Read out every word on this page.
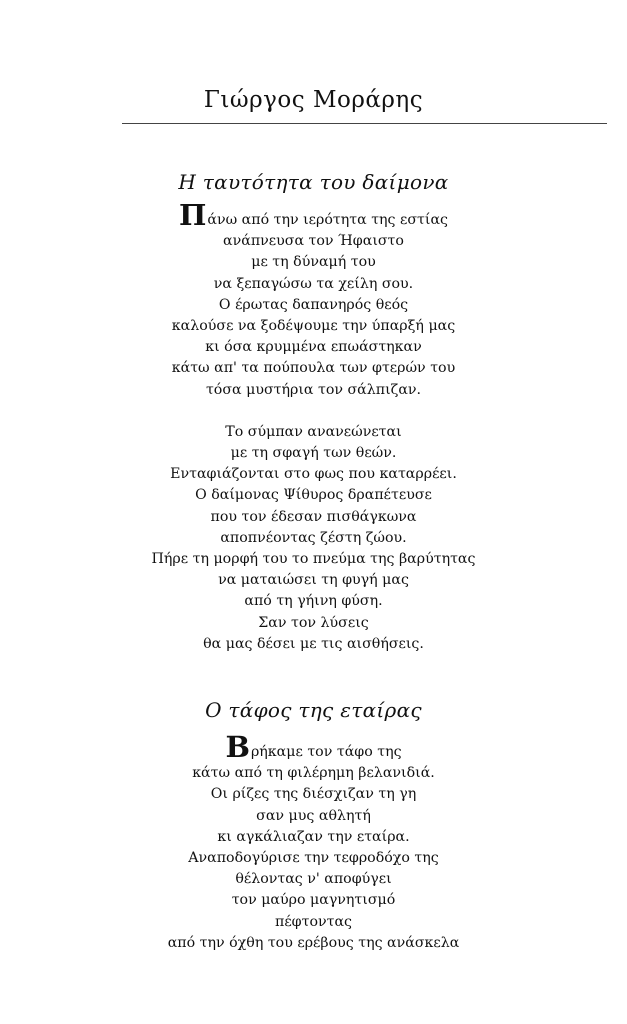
Γιώργος Μοράρης
Η ταυτότητα του δαίμονα
Πάνω από την ιερότητα της εστίας
ανάπνευσα τον Ήφαιστο
με τη δύναμή του
να ξεπαγώσω τα χείλη σου.
Ο έρωτας δαπανηρός θεός
καλούσε να ξοδέψουμε την ύπαρξή μας
κι όσα κρυμμένα επωάστηκαν
κάτω απ' τα πούπουλα των φτερών του
τόσα μυστήρια τον σάλπιζαν.
Το σύμπαν ανανεώνεται
με τη σφαγή των θεών.
Ενταφιάζονται στο φως που καταρρέει.
Ο δαίμονας Ψίθυρος δραπέτευσε
που τον έδεσαν πισθάγκωνα
αποπνέοντας ζέστη ζώου.
Πήρε τη μορφή του το πνεύμα της βαρύτητας
να ματαιώσει τη φυγή μας
από τη γήινη φύση.
Σαν τον λύσεις
θα μας δέσει με τις αισθήσεις.
Ο τάφος της εταίρας
Βρήκαμε τον τάφο της
κάτω από τη φιλέρημη βελανιδιά.
Οι ρίζες της διέσχιζαν τη γη
σαν μυς αθλητή
κι αγκάλιαζαν την εταίρα.
Αναποδογύρισε την τεφροδόχο της
θέλοντας ν' αποφύγει
τον μαύρο μαγνητισμό
πέφτοντας
από την όχθη του ερέβους της ανάσκελα
